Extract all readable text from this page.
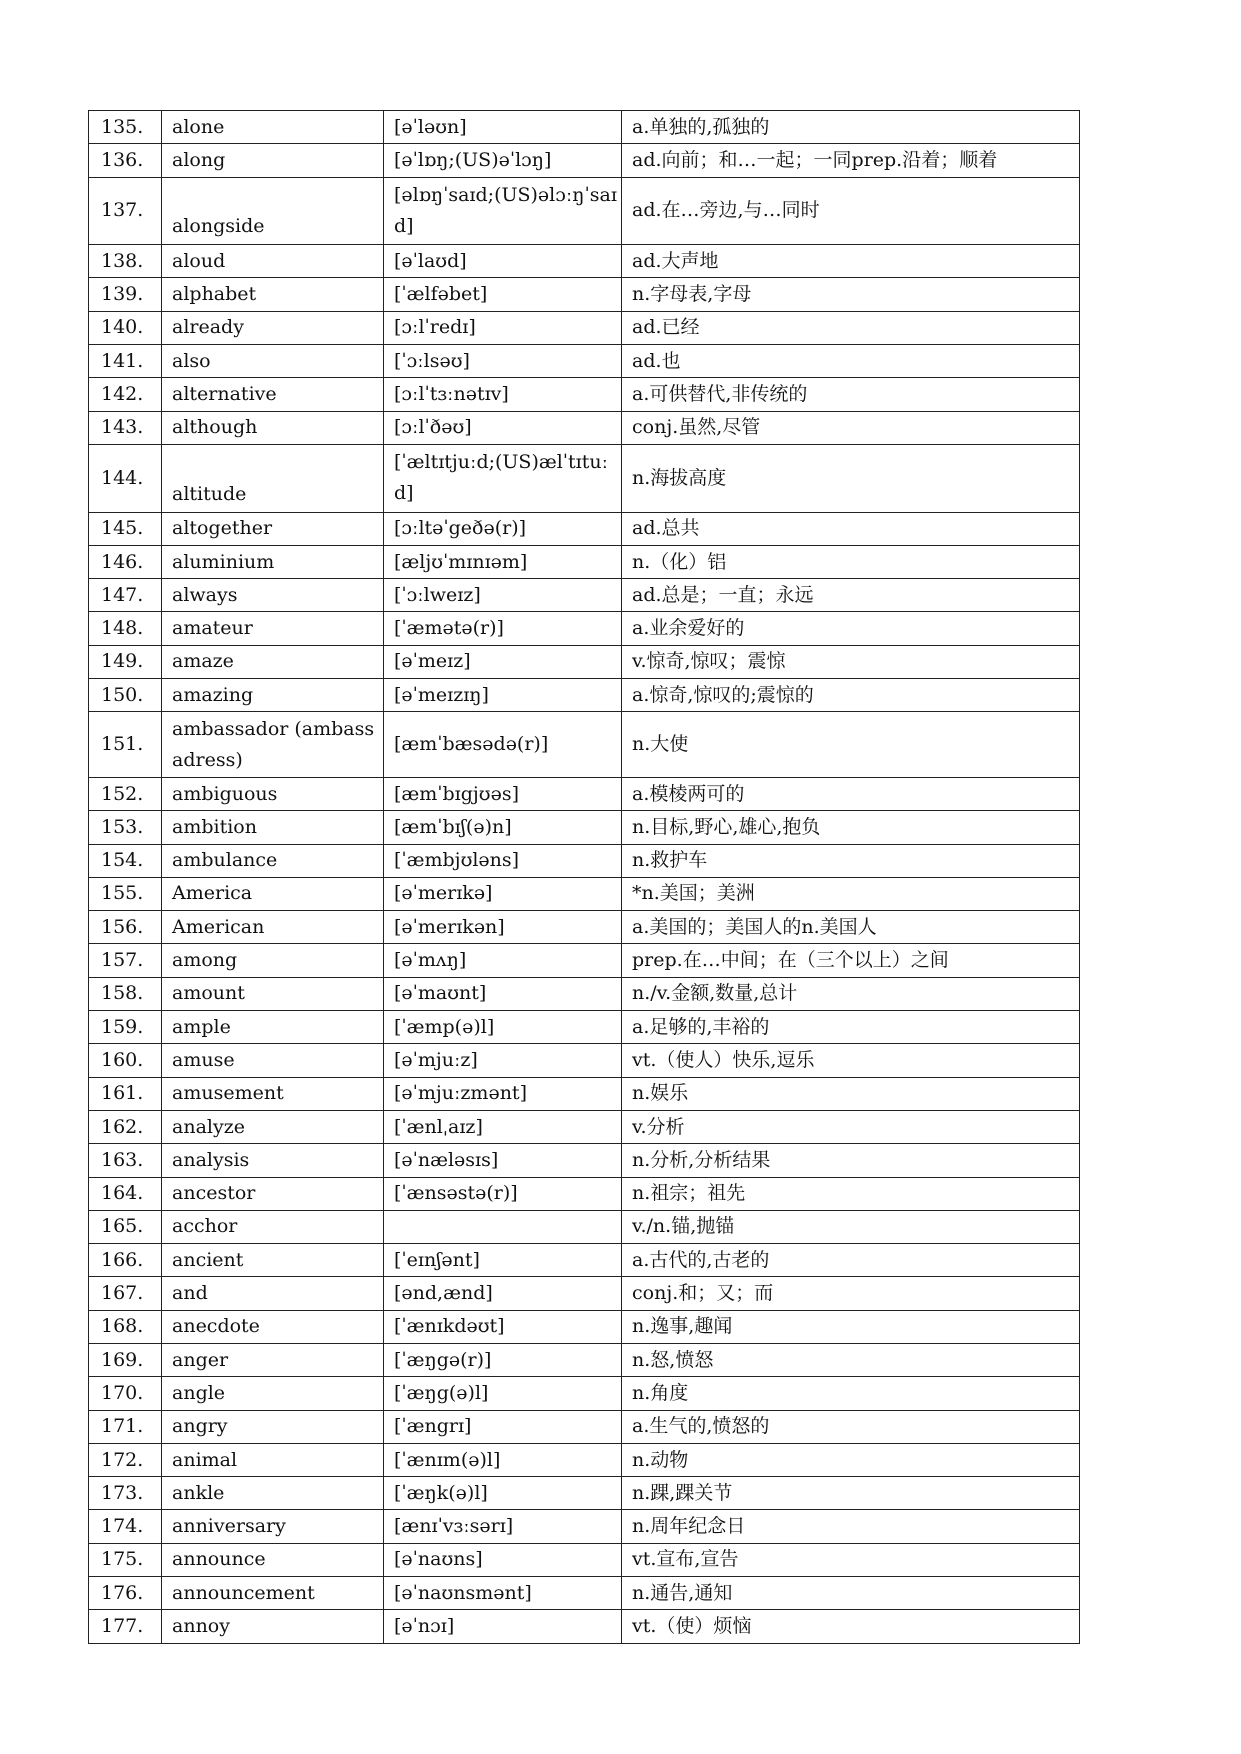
135.	alone	[əˈləʊn]	a.单独的,孤独的
136.	along	[əˈlɒŋ;(US)əˈlɔŋ]	ad.向前；和…一起；一同prep.沿着；顺着
137.	alongside	[əlɒŋˈsaɪd;(US)əlɔːŋˈsaɪd]	ad.在…旁边,与…同时
138.	aloud	[əˈlaʊd]	ad.大声地
139.	alphabet	[ˈælfəbet]	n.字母表,字母
140.	already	[ɔːlˈredɪ]	ad.已经
141.	also	[ˈɔːlsəʊ]	ad.也
142.	alternative	[ɔːlˈtɜːnətɪv]	a.可供替代,非传统的
143.	although	[ɔːlˈðəʊ]	conj.虽然,尽管
144.	altitude	[ˈæltɪtjuːd;(US)ælˈtɪtuːd]	n.海拔高度
145.	altogether	[ɔːltəˈgeðə(r)]	ad.总共
146.	aluminium	[æljʊˈmɪnɪəm]	n.（化）铝
147.	always	[ˈɔːlweɪz]	ad.总是；一直；永远
148.	amateur	[ˈæmətə(r)]	a.业余爱好的
149.	amaze	[əˈmeɪz]	v.惊奇,惊叹；震惊
150.	amazing	[əˈmeɪzɪŋ]	a.惊奇,惊叹的;震惊的
151.	ambassador (ambassadress)	[æmˈbæsədə(r)]	n.大使
152.	ambiguous	[æmˈbɪgjʊəs]	a.模棱两可的
153.	ambition	[æmˈbɪʃ(ə)n]	n.目标,野心,雄心,抱负
154.	ambulance	[ˈæmbjʊləns]	n.救护车
155.	America	[əˈmerɪkə]	*n.美国；美洲
156.	American	[əˈmerɪkən]	a.美国的；美国人的n.美国人
157.	among	[əˈmʌŋ]	prep.在…中间；在（三个以上）之间
158.	amount	[əˈmaʊnt]	n./v.金额,数量,总计
159.	ample	[ˈæmp(ə)l]	a.足够的,丰裕的
160.	amuse	[əˈmjuːz]	vt.（使人）快乐,逗乐
161.	amusement	[əˈmjuːzmənt]	n.娱乐
162.	analyze	[ˈænlˌaɪz]	v.分析
163.	analysis	[əˈnæləsɪs]	n.分析,分析结果
164.	ancestor	[ˈænsəstə(r)]	n.祖宗；祖先
165.	acchor		v./n.锚,抛锚
166.	ancient	[ˈeɪnʃənt]	a.古代的,古老的
167.	and	[ənd,ænd]	conj.和；又；而
168.	anecdote	[ˈænɪkdəʊt]	n.逸事,趣闻
169.	anger	[ˈæŋgə(r)]	n.怒,愤怒
170.	angle	[ˈæŋg(ə)l]	n.角度
171.	angry	[ˈængrɪ]	a.生气的,愤怒的
172.	animal	[ˈænɪm(ə)l]	n.动物
173.	ankle	[ˈæŋk(ə)l]	n.踝,踝关节
174.	anniversary	[ænɪˈvɜːsərɪ]	n.周年纪念日
175.	announce	[əˈnaʊns]	vt.宣布,宣告
176.	announcement	[əˈnaʊnsmənt]	n.通告,通知
177.	annoy	[əˈnɔɪ]	vt.（使）烦恼
